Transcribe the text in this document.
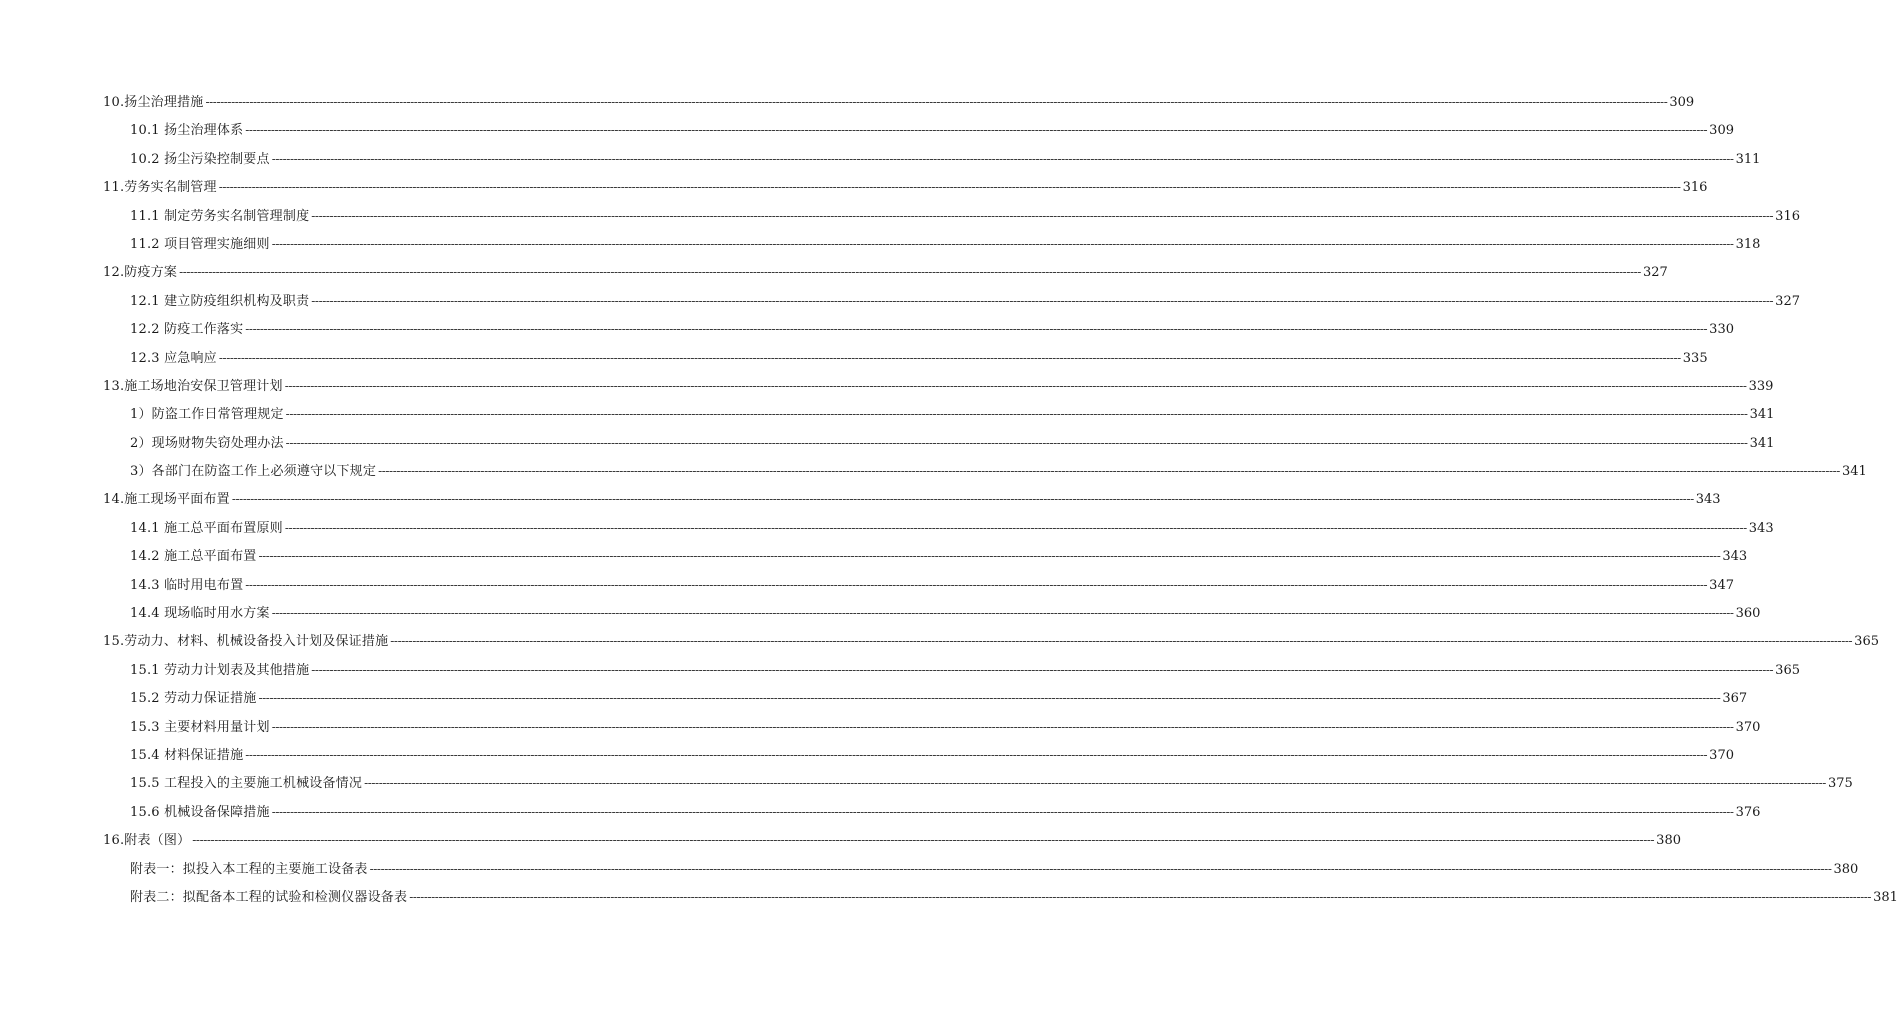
10.扬尘治理措施 ---------------------------------------------------------------------------------------------------------------------------------------------------------------------------------------------------------------------------------------------------------------------------------------------------------------------------------------------------------------------------------------------------------------- 309
10.1 扬尘治理体系 ---------------------------------------------------------------------------------------------------------------------------------------------------------------------------------------------------------------------------------------------------------------------------------------------------------------------------------------------------------------------------------------------------------------- 309
10.2 扬尘污染控制要点 ---------------------------------------------------------------------------------------------------------------------------------------------------------------------------------------------------------------------------------------------------------------------------------------------------------------------------------------------------------------------------------------------------------------- 311
11.劳务实名制管理 ---------------------------------------------------------------------------------------------------------------------------------------------------------------------------------------------------------------------------------------------------------------------------------------------------------------------------------------------------------------------------------------------------------------- 316
11.1 制定劳务实名制管理制度 ---------------------------------------------------------------------------------------------------------------------------------------------------------------------------------------------------------------------------------------------------------------------------------------------------------------------------------------------------------------------------------------------------------------- 316
11.2 项目管理实施细则 ---------------------------------------------------------------------------------------------------------------------------------------------------------------------------------------------------------------------------------------------------------------------------------------------------------------------------------------------------------------------------------------------------------------- 318
12.防疫方案 ---------------------------------------------------------------------------------------------------------------------------------------------------------------------------------------------------------------------------------------------------------------------------------------------------------------------------------------------------------------------------------------------------------------- 327
12.1 建立防疫组织机构及职责 ---------------------------------------------------------------------------------------------------------------------------------------------------------------------------------------------------------------------------------------------------------------------------------------------------------------------------------------------------------------------------------------------------------------- 327
12.2 防疫工作落实 ---------------------------------------------------------------------------------------------------------------------------------------------------------------------------------------------------------------------------------------------------------------------------------------------------------------------------------------------------------------------------------------------------------------- 330
12.3 应急响应 ---------------------------------------------------------------------------------------------------------------------------------------------------------------------------------------------------------------------------------------------------------------------------------------------------------------------------------------------------------------------------------------------------------------- 335
13.施工场地治安保卫管理计划 ---------------------------------------------------------------------------------------------------------------------------------------------------------------------------------------------------------------------------------------------------------------------------------------------------------------------------------------------------------------------------------------------------------------- 339
1）防盗工作日常管理规定 ---------------------------------------------------------------------------------------------------------------------------------------------------------------------------------------------------------------------------------------------------------------------------------------------------------------------------------------------------------------------------------------------------------------- 341
2）现场财物失窃处理办法 ---------------------------------------------------------------------------------------------------------------------------------------------------------------------------------------------------------------------------------------------------------------------------------------------------------------------------------------------------------------------------------------------------------------- 341
3）各部门在防盗工作上必须遵守以下规定 ---------------------------------------------------------------------------------------------------------------------------------------------------------------------------------------------------------------------------------------------------------------------------------------------------------------------------------------------------------------------------------------------------------------- 341
14.施工现场平面布置 ---------------------------------------------------------------------------------------------------------------------------------------------------------------------------------------------------------------------------------------------------------------------------------------------------------------------------------------------------------------------------------------------------------------- 343
14.1 施工总平面布置原则 ---------------------------------------------------------------------------------------------------------------------------------------------------------------------------------------------------------------------------------------------------------------------------------------------------------------------------------------------------------------------------------------------------------------- 343
14.2 施工总平面布置 ---------------------------------------------------------------------------------------------------------------------------------------------------------------------------------------------------------------------------------------------------------------------------------------------------------------------------------------------------------------------------------------------------------------- 343
14.3 临时用电布置 ---------------------------------------------------------------------------------------------------------------------------------------------------------------------------------------------------------------------------------------------------------------------------------------------------------------------------------------------------------------------------------------------------------------- 347
14.4 现场临时用水方案 ---------------------------------------------------------------------------------------------------------------------------------------------------------------------------------------------------------------------------------------------------------------------------------------------------------------------------------------------------------------------------------------------------------------- 360
15.劳动力、材料、机械设备投入计划及保证措施 ---------------------------------------------------------------------------------------------------------------------------------------------------------------------------------------------------------------------------------------------------------------------------------------------------------------------------------------------------------------------------------------------------------------- 365
15.1 劳动力计划表及其他措施 ---------------------------------------------------------------------------------------------------------------------------------------------------------------------------------------------------------------------------------------------------------------------------------------------------------------------------------------------------------------------------------------------------------------- 365
15.2 劳动力保证措施 ---------------------------------------------------------------------------------------------------------------------------------------------------------------------------------------------------------------------------------------------------------------------------------------------------------------------------------------------------------------------------------------------------------------- 367
15.3 主要材料用量计划 ---------------------------------------------------------------------------------------------------------------------------------------------------------------------------------------------------------------------------------------------------------------------------------------------------------------------------------------------------------------------------------------------------------------- 370
15.4 材料保证措施 ---------------------------------------------------------------------------------------------------------------------------------------------------------------------------------------------------------------------------------------------------------------------------------------------------------------------------------------------------------------------------------------------------------------- 370
15.5 工程投入的主要施工机械设备情况 ---------------------------------------------------------------------------------------------------------------------------------------------------------------------------------------------------------------------------------------------------------------------------------------------------------------------------------------------------------------------------------------------------------------- 375
15.6 机械设备保障措施 ---------------------------------------------------------------------------------------------------------------------------------------------------------------------------------------------------------------------------------------------------------------------------------------------------------------------------------------------------------------------------------------------------------------- 376
16.附表（图） ---------------------------------------------------------------------------------------------------------------------------------------------------------------------------------------------------------------------------------------------------------------------------------------------------------------------------------------------------------------------------------------------------------------- 380
附表一：拟投入本工程的主要施工设备表 ---------------------------------------------------------------------------------------------------------------------------------------------------------------------------------------------------------------------------------------------------------------------------------------------------------------------------------------------------------------------------------------------------------------- 380
附表二：拟配备本工程的试验和检测仪器设备表 ---------------------------------------------------------------------------------------------------------------------------------------------------------------------------------------------------------------------------------------------------------------------------------------------------------------------------------------------------------------------------------------------------------------- 381
